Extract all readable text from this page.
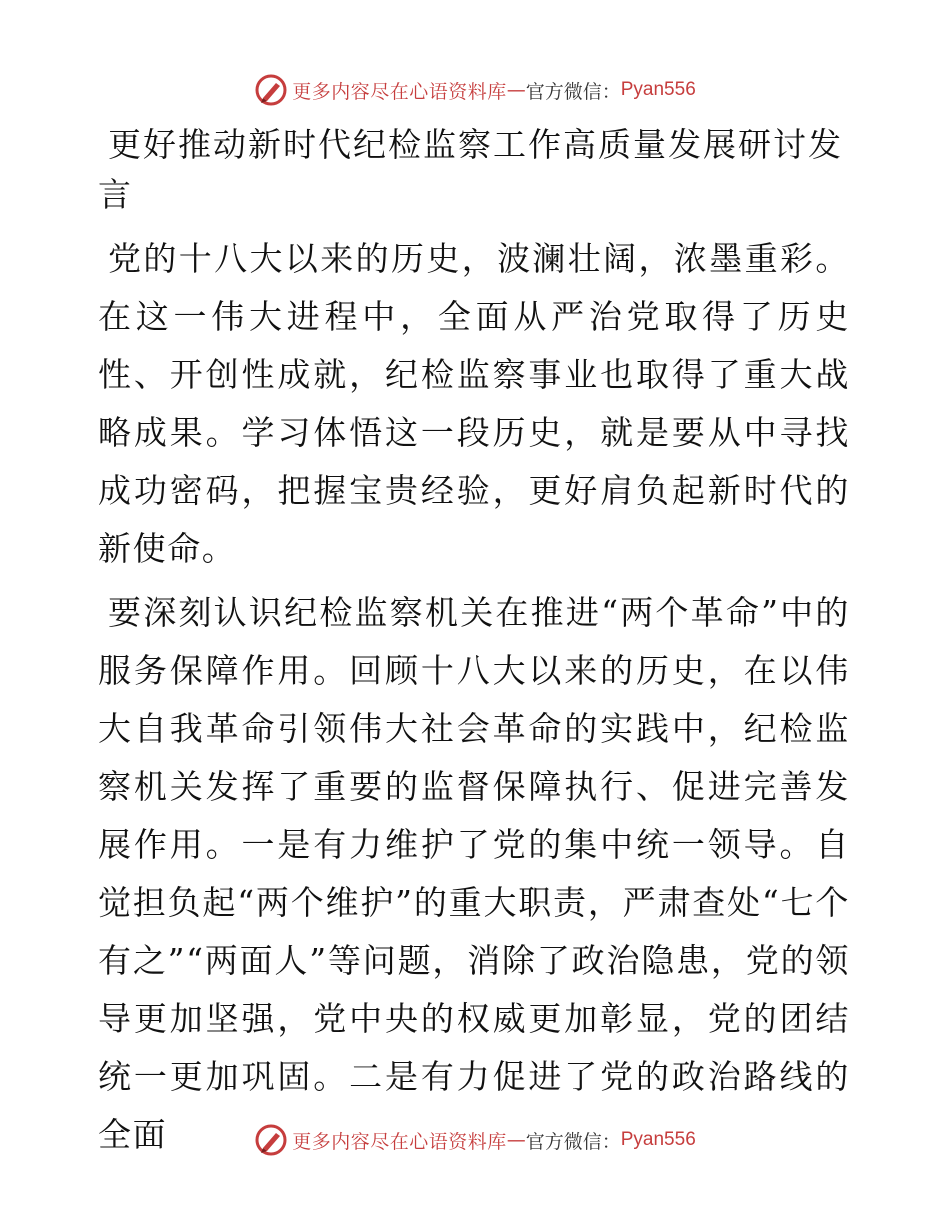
更多内容尽在心语资料库 — 官方微信： Pyan556
更好推动新时代纪检监察工作高质量发展研讨发言

党的十八大以来的历史，波澜壮阔，浓墨重彩。在这一伟大进程中，全面从严治党取得了历史性、开创性成就，纪检监察事业也取得了重大战略成果。学习体悟这一段历史，就是要从中寻找成功密码，把握宝贵经验，更好肩负起新时代的新使命。

要深刻认识纪检监察机关在推进“两个革命”中的服务保障作用。回顾十八大以来的历史，在以伟大自我革命引领伟大社会革命的实践中，纪检监察机关发挥了重要的监督保障执行、促进完善发展作用。一是有力维护了党的集中统一领导。自觉担负起“两个维护”的重大职责，严肃查处“七个有之”“两面人”等问题，消除了政治隐患，党的领导更加坚强，党中央的权威更加彰显，党的团结统一更加巩固。二是有力促进了党的政治路线的全面	更多内容尽在心语资料库 — 官方微信： Pyan556
